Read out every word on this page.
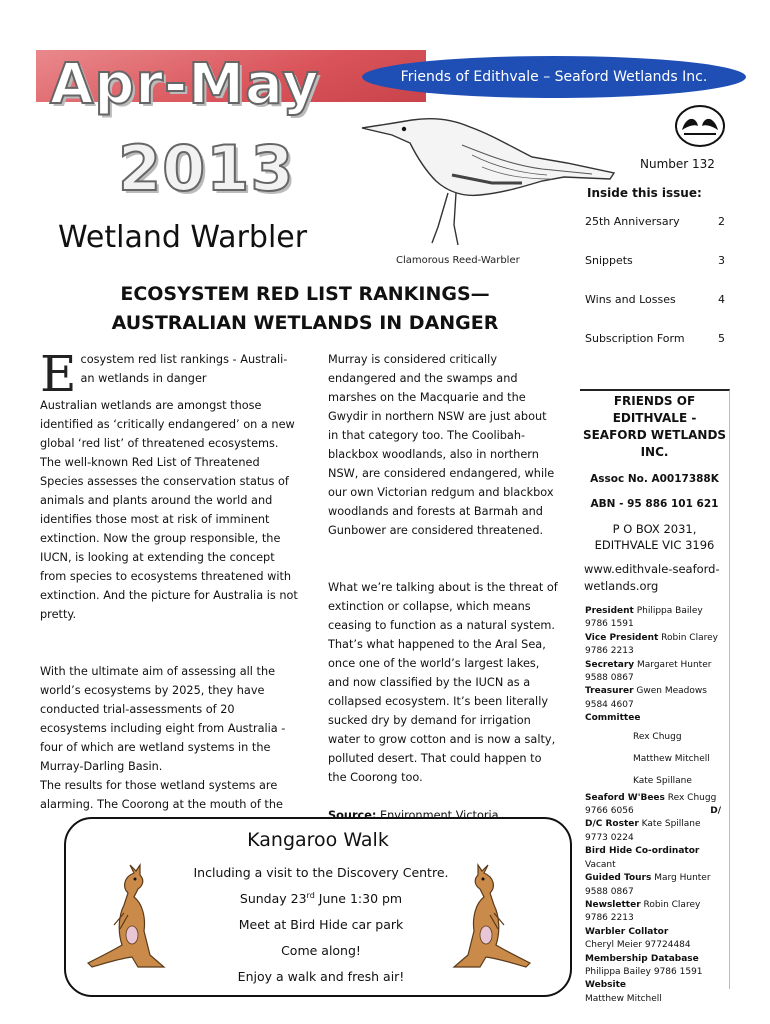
Apr-May
2013
Friends of Edithvale – Seaford Wetlands Inc.
Clamorous Reed-Warbler
Wetland Warbler
Number 132
Inside this issue:
25th Anniversary	2
Snippets	3
Wins and Losses	4
Subscription Form	5
ECOSYSTEM RED LIST RANKINGS—
AUSTRALIAN WETLANDS IN DANGER
E cosystem red list rankings - Australi-

an wetlands in danger

Australian wetlands are amongst those identified as ‘critically endangered’ on a new global ‘red list’ of threatened ecosystems. The well-known Red List of Threatened Species assesses the conservation status of animals and plants around the world and identifies those most at risk of imminent extinction. Now the group responsible, the IUCN, is looking at extending the concept from species to ecosystems threatened with extinction. And the picture for Australia is not pretty.

With the ultimate aim of assessing all the world’s ecosystems by 2025, they have conducted trial-assessments of 20 ecosystems including eight from Australia - four of which are wetland systems in the Murray-Darling Basin.

The results for those wetland systems are alarming. The Coorong at the mouth of the

Murray is considered critically endangered and the swamps and marshes on the Macquarie and the Gwydir in northern NSW are just about in that category too. The Coolibah-blackbox woodlands, also in northern NSW, are considered endangered, while our own Victorian redgum and blackbox woodlands and forests at Barmah and Gunbower are considered threatened.

What we’re talking about is the threat of extinction or collapse, which means ceasing to function as a natural system. That’s what happened to the Aral Sea, once one of the world’s largest lakes, and now classified by the IUCN as a collapsed ecosystem. It’s been literally sucked dry by demand for irrigation water to grow cotton and is now a salty, polluted desert. That could happen to the Coorong too.

Source: Environment Victoria

FRIENDS OF EDITHVALE - SEAFORD WETLANDS INC.
Assoc No. A0017388K
ABN - 95 886 101 621
P O BOX 2031,
EDITHVALE VIC 3196
www.edithvale-seaford-wetlands.org
President Philippa Bailey
9786 1591
Vice President Robin Clarey
9786 2213
Secretary Margaret Hunter
9588 0867
Treasurer Gwen Meadows
9584 4607
Committee
Rex Chugg
Matthew Mitchell
Kate Spillane
Seaford W'Bees Rex Chugg
9766 6056	D/
D/C Roster Kate Spillane
9773 0224
Bird Hide Co-ordinator
Vacant
Guided Tours Marg Hunter
9588 0867
Newsletter Robin Clarey
9786 2213
Warbler Collator
Cheryl Meier 97724484
Membership Database
Philippa Bailey 9786 1591
Website
Matthew Mitchell
Kangaroo Walk
Including a visit to the Discovery Centre.
Sunday 23rd June 1:30 pm
Meet at Bird Hide car park
Come along!
Enjoy a walk and fresh air!
